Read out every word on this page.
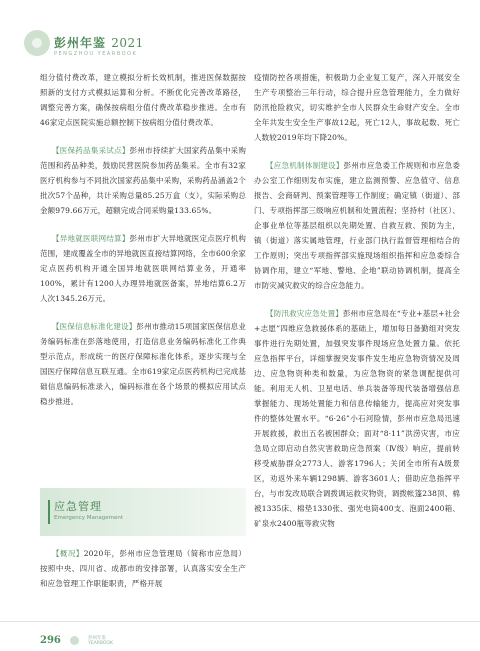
彭州年鉴 2021
PENGZHOU YEARBOOK

组分值付费改革，建立模拟分析长效机制，推进医保数据按照新的支付方式模拟运算和分析。不断优化完善改革路径，调整完善方案，确保按病组分值付费改革稳步推进。全市有46家定点医院实施总额控制下按病组分值付费改革。

【医保药品集采试点】彭州市持续扩大国家药品集中采购范围和药品种类，鼓励民营医院参加药品集采。全市有32家医疗机构参与不同批次国家药品集中采购，采购药品涵盖2个批次57个品种，共计采购总量85.25万盒（支），实际采购总金额979.66万元，超额完成合同采购量133.65%。

【异地就医联网结算】彭州市扩大异地就医定点医疗机构范围，建成覆盖全市的异地就医直接结算网络，全市600余家定点医药机构开通全国异地就医联网结算业务，开通率100%，累计有1200人办理异地就医备案，异地结算6.2万人次1345.26万元。

【医保信息标准化建设】彭州市推动15项国家医保信息业务编码标准在彭落地使用，打造信息业务编码标准化工作典型示范点，形成统一的医疗保障标准化体系，逐步实现与全国医疗保障信息互联互通。全市619家定点医药机构已完成基础信息编码标准录入，编码标准在各个场景的模拟应用试点稳步推进。

应急管理
Emergency Management

【概况】2020年，彭州市应急管理局（简称市应急局）按照中央、四川省、成都市的安排部署，认真落实安全生产和应急管理工作职能职责，严格开展

疫情防控各项措施，积极助力企业复工复产，深入开展安全生产专项整治三年行动，综合提升应急管理能力，全力做好防汛抢险救灾，切实维护全市人民群众生命财产安全。全市全年共发生安全生产事故12起，死亡12人，事故起数、死亡人数较2019年均下降20%。

【应急机制体制建设】彭州市应急委工作规则和市应急委办公室工作细则发布实施，建立监测预警、应急值守、信息报告、会商研判、预案管理等工作制度；确定镇（街道）、部门、专项指挥部三级响应机制和处置流程；坚持村（社区）、企事业单位等基层组织以先期处置、自救互救、预防为主，镇（街道）落实属地管理，行业部门执行监督管理相结合的工作原则；突出专项指挥部实施现场组织指挥和应急委综合协调作用，建立“军地、警地、企地”联动协调机制，提高全市防灾减灾救灾的综合应急能力。

【防汛救灾应急处置】彭州市应急局在“专业+基层+社会+志愿”四维应急救援体系的基础上，增加每日备勤组对突发事件进行先期处置，加强突发事件现场应急处置力量。依托应急指挥平台，详细掌握突发事件发生地应急物资情况及周边、应急物资种类和数量，为应急物资的紧急调配提供可能。利用无人机、卫星电话、单兵装备等现代装备增强信息掌握能力、现场处置能力和信息传输能力，提高应对突发事件的整体处置水平。“6·26”小石河险情，彭州市应急局迅速开展救援，救出五名被困群众；面对“8·11”洪涝灾害，市应急局立即启动自然灾害救助应急预案（Ⅳ级）响应，提前转移受威胁群众2773人、游客1796人；关闭全市所有A级景区，劝返外来车辆1298辆、游客3601人；借助应急指挥平台，与市发改局联合调拨调运救灾物资，调拨帐篷238顶、棉被1335床、棉垫1330张、强光电筒400支、泡面2400箱、矿泉水2400瓶等救灾物

296	彭州年鉴
YEARBOOK
